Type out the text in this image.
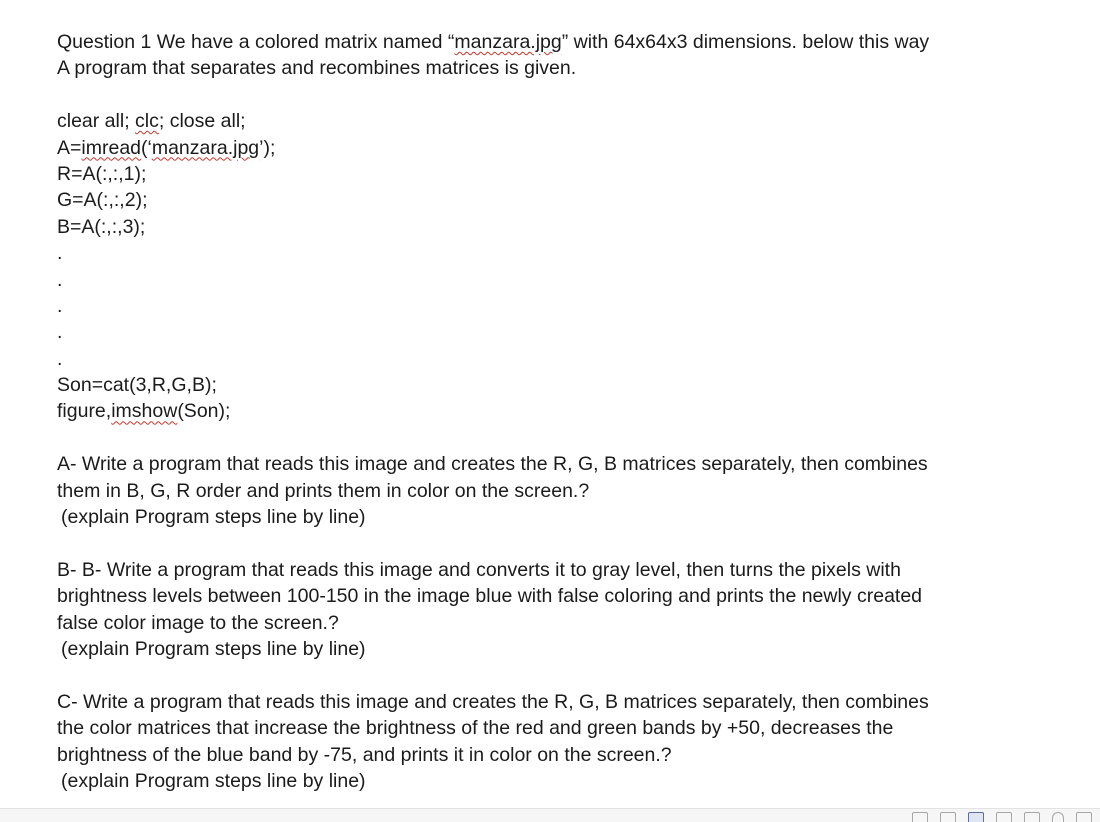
Question 1 We have a colored matrix named “manzara.jpg” with 64x64x3 dimensions. below this way
A program that separates and recombines matrices is given.
clear all; clc; close all;
A=imread(‘manzara.jpg’);
R=A(:,:,1);
G=A(:,:,2);
B=A(:,:,3);
.
.
.
.
.
Son=cat(3,R,G,B);
figure,imshow(Son);
A- Write a program that reads this image and creates the R, G, B matrices separately, then combines
them in B, G, R order and prints them in color on the screen.?
(explain Program steps line by line)
B- B- Write a program that reads this image and converts it to gray level, then turns the pixels with
brightness levels between 100-150 in the image blue with false coloring and prints the newly created
false color image to the screen.?
(explain Program steps line by line)
C- Write a program that reads this image and creates the R, G, B matrices separately, then combines
the color matrices that increase the brightness of the red and green bands by +50, decreases the
brightness of the blue band by -75, and prints it in color on the screen.?
(explain Program steps line by line)
